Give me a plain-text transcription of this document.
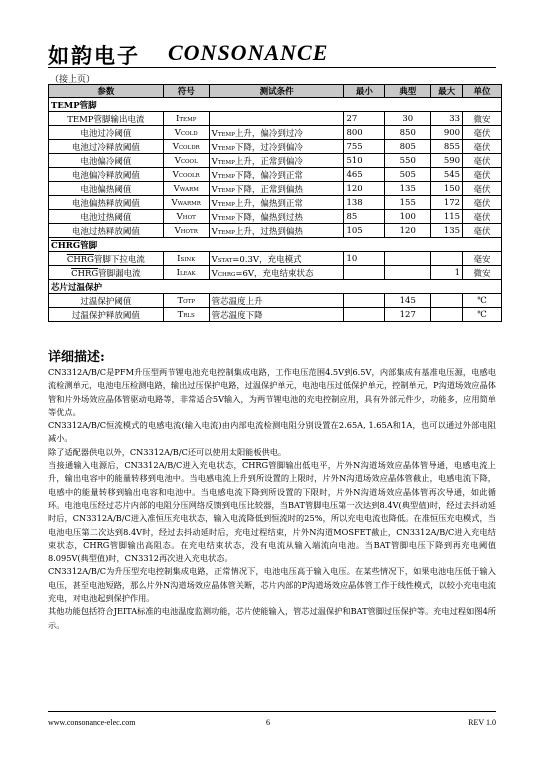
如韵电子 CONSONANCE
（接上页）
参数	符号	测试条件	最小	典型	最大	单位
TEMP管脚						
TEMP管脚输出电流	ITEMP		27	30	33	微安
电池过冷阈值	VCOLD	VTEMP上升，偏冷到过冷	800	850	900	毫伏
电池过冷释放阈值	VCOLDR	VTEMP下降，过冷到偏冷	755	805	855	毫伏
电池偏冷阈值	VCOOL	VTEMP上升，正常到偏冷	510	550	590	毫伏
电池偏冷释放阈值	VCOOLR	VTEMP下降，偏冷到正常	465	505	545	毫伏
电池偏热阈值	VWARM	VTEMP下降，正常到偏热	120	135	150	毫伏
电池偏热释放阈值	VWARMR	VTEMP上升，偏热到正常	138	155	172	毫伏
电池过热阈值	VHOT	VTEMP下降，偏热到过热	85	100	115	毫伏
电池过热释放阈值	VHOTR	VTEMP上升，过热到偏热	105	120	135	毫伏
CHRG管脚						
CHRG管脚下拉电流	ISINK	VSTAT=0.3V，充电模式	10			毫安
CHRG管脚漏电流	ILEAK	VCHRG=6V，充电结束状态			1	微安
芯片过温保护						
过温保护阈值	TOTP	管芯温度上升		145		℃
过温保护释放阈值	TRLS	管芯温度下降		127		℃
详细描述:

CN3312A/B/C是PFM升压型两节锂电池充电控制集成电路，工作电压范围4.5V到6.5V，内部集成有基准电压源，电感电流检测单元，电池电压检测电路，输出过压保护电路，过温保护单元，电池电压过低保护单元，控制单元，P沟道场效应晶体管和片外场效应晶体管驱动电路等，非常适合5V输入，为两节锂电池的充电控制应用，具有外部元件少，功能多，应用简单等优点。

CN3312A/B/C恒流模式的电感电流(输入电流)由内部电流检测电阻分别设置在2.65A, 1.65A和1A，也可以通过外部电阻减小。

除了适配器供电以外，CN3312A/B/C还可以使用太阳能板供电。

当接通输入电源后，CN3312A/B/C进入充电状态，CHRG管脚输出低电平，片外N沟道场效应晶体管导通，电感电流上升，输出电容中的能量转移到电池中。当电感电流上升到所设置的上限时，片外N沟道场效应晶体管截止，电感电流下降，电感中的能量转移到输出电容和电池中。当电感电流下降到所设置的下限时，片外N沟道场效应晶体管再次导通，如此循环。电池电压经过芯片内部的电阻分压网络反馈到电压比较器，当BAT管脚电压第一次达到8.4V(典型值)时，经过去抖动延时后，CN3312A/B/C进入准恒压充电状态，输入电流降低到恒流时的25%，所以充电电流也降低。在准恒压充电模式，当电池电压第二次达到8.4V时，经过去抖动延时后，充电过程结束，片外N沟道MOSFET截止，CN3312A/B/C进入充电结束状态，CHRG管脚输出高阻态。在充电结束状态，没有电流从输入端流向电池。当BAT管脚电压下降到再充电阈值8.095V(典型值)时，CN3312再次进入充电状态。

CN3312A/B/C为升压型充电控制集成电路，正常情况下，电池电压高于输入电压。在某些情况下，如果电池电压低于输入电压，甚至电池短路，那么片外N沟道场效应晶体管关断，芯片内部的P沟道场效应晶体管工作于线性模式，以较小充电电流充电，对电池起到保护作用。

其他功能包括符合JEITA标准的电池温度监测功能，芯片使能输入，管芯过温保护和BAT管脚过压保护等。充电过程如图4所示。

www.consonance-elec.com	6	REV 1.0
